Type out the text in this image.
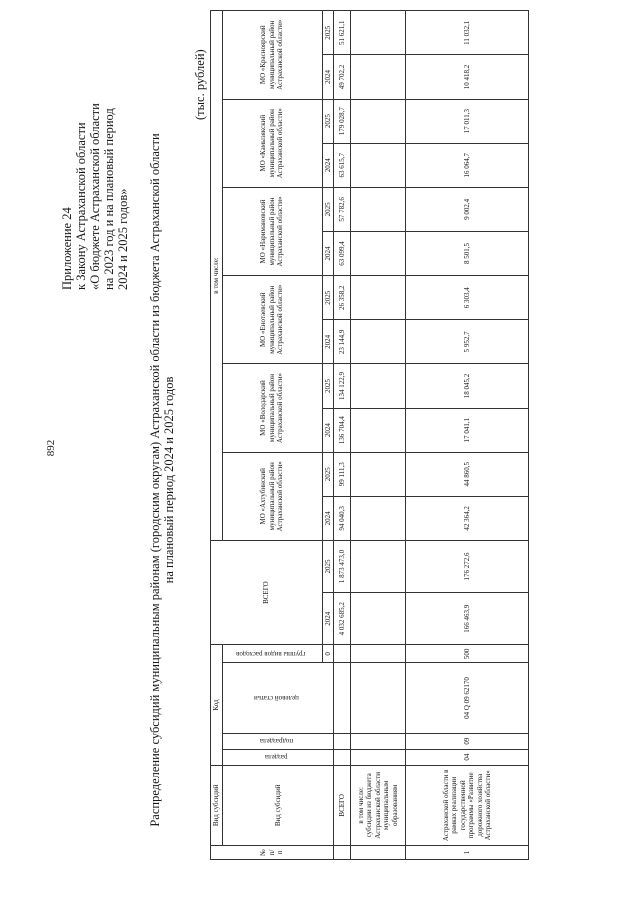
892
Приложение 24 к Закону Астраханской области «О бюджете Астраханской области на 2023 год и на плановый период 2024 и 2025 годов» Распределение субсидий муниципальным районам (городским округам) Астраханской области из бюджета Астраханской области на плановый период 2024 и 2025 годов
(тыс. рублей)
№ п/п	Вид субсидий	Код				ВСЕГО		в том числе:											
	Вид субсидий	раздела	подраздела	целевой статьи	группы видов расходов			МО «Ахтубинский муниципальный район Астраханской области»		МО «Володарский муниципальный район Астраханской области»		МО «Енотаевский муниципальный район Астраханской области»		МО «Наримановский муниципальный район Астраханской области»		МО «Камызякский муниципальный район Астраханской области»		МО «Красноярский муниципальный район Астраханской области»	
					0	2024	2025	2024	2025	2024	2025	2024	2025	2024	2025	2024	2025	2024	2025
	ВСЕГО					4 032 685,2	1 873 473,0	94 040,3	99 111,3	136 704,4	134 122,9	23 144,9	26 358,2	63 099,4	57 782,6	63 615,7	179 028,7	49 702,2	51 621,1

	в том числе: субсидии из бюджета Астраханской области муниципальным образованиям																		

1	Астраханской области в рамках реализации государственной программы «Развитие дорожного хозяйства Астраханской области»	04	09	04 Q 09 62170	500	166 463,9	176 272,6	42 364,2	44 860,5	17 041,1	18 045,2	5 952,7	6 303,4	8 501,5	9 002,4	16 064,7	17 011,3	10 418,2	11 032,1
